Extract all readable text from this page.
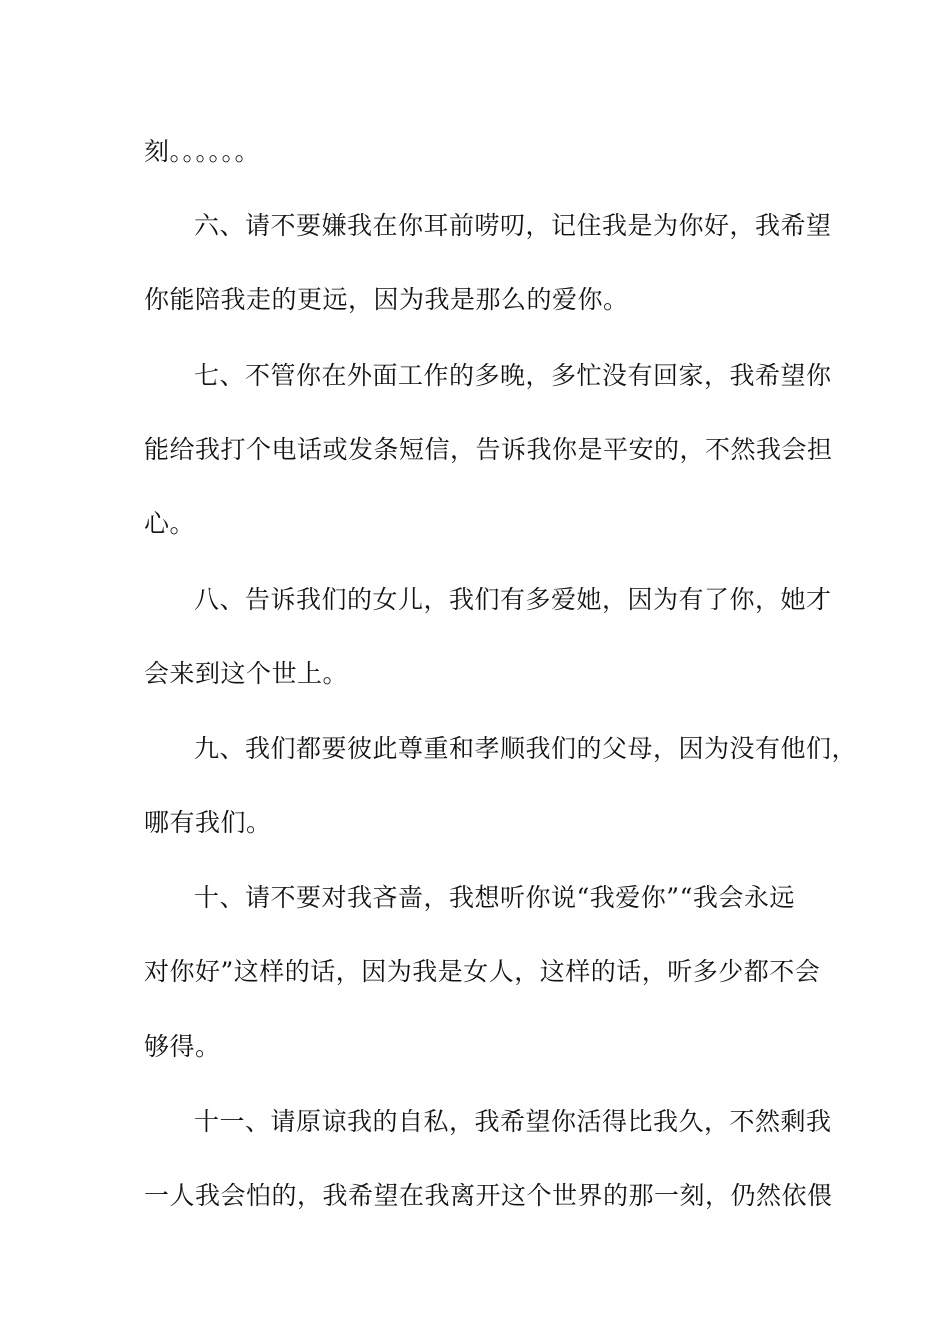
刻。。。。。。
六、请不要嫌我在你耳前唠叨，记住我是为你好，我希望
你能陪我走的更远，因为我是那么的爱你。
七、不管你在外面工作的多晚，多忙没有回家，我希望你
能给我打个电话或发条短信，告诉我你是平安的，不然我会担
心。
八、告诉我们的女儿，我们有多爱她，因为有了你，她才
会来到这个世上。
九、我们都要彼此尊重和孝顺我们的父母，因为没有他们，
哪有我们。
十、请不要对我吝啬，我想听你说“我爱你”“我会永远
对你好”这样的话，因为我是女人，这样的话，听多少都不会
够得。
十一、请原谅我的自私，我希望你活得比我久，不然剩我
一人我会怕的，我希望在我离开这个世界的那一刻，仍然依偎
